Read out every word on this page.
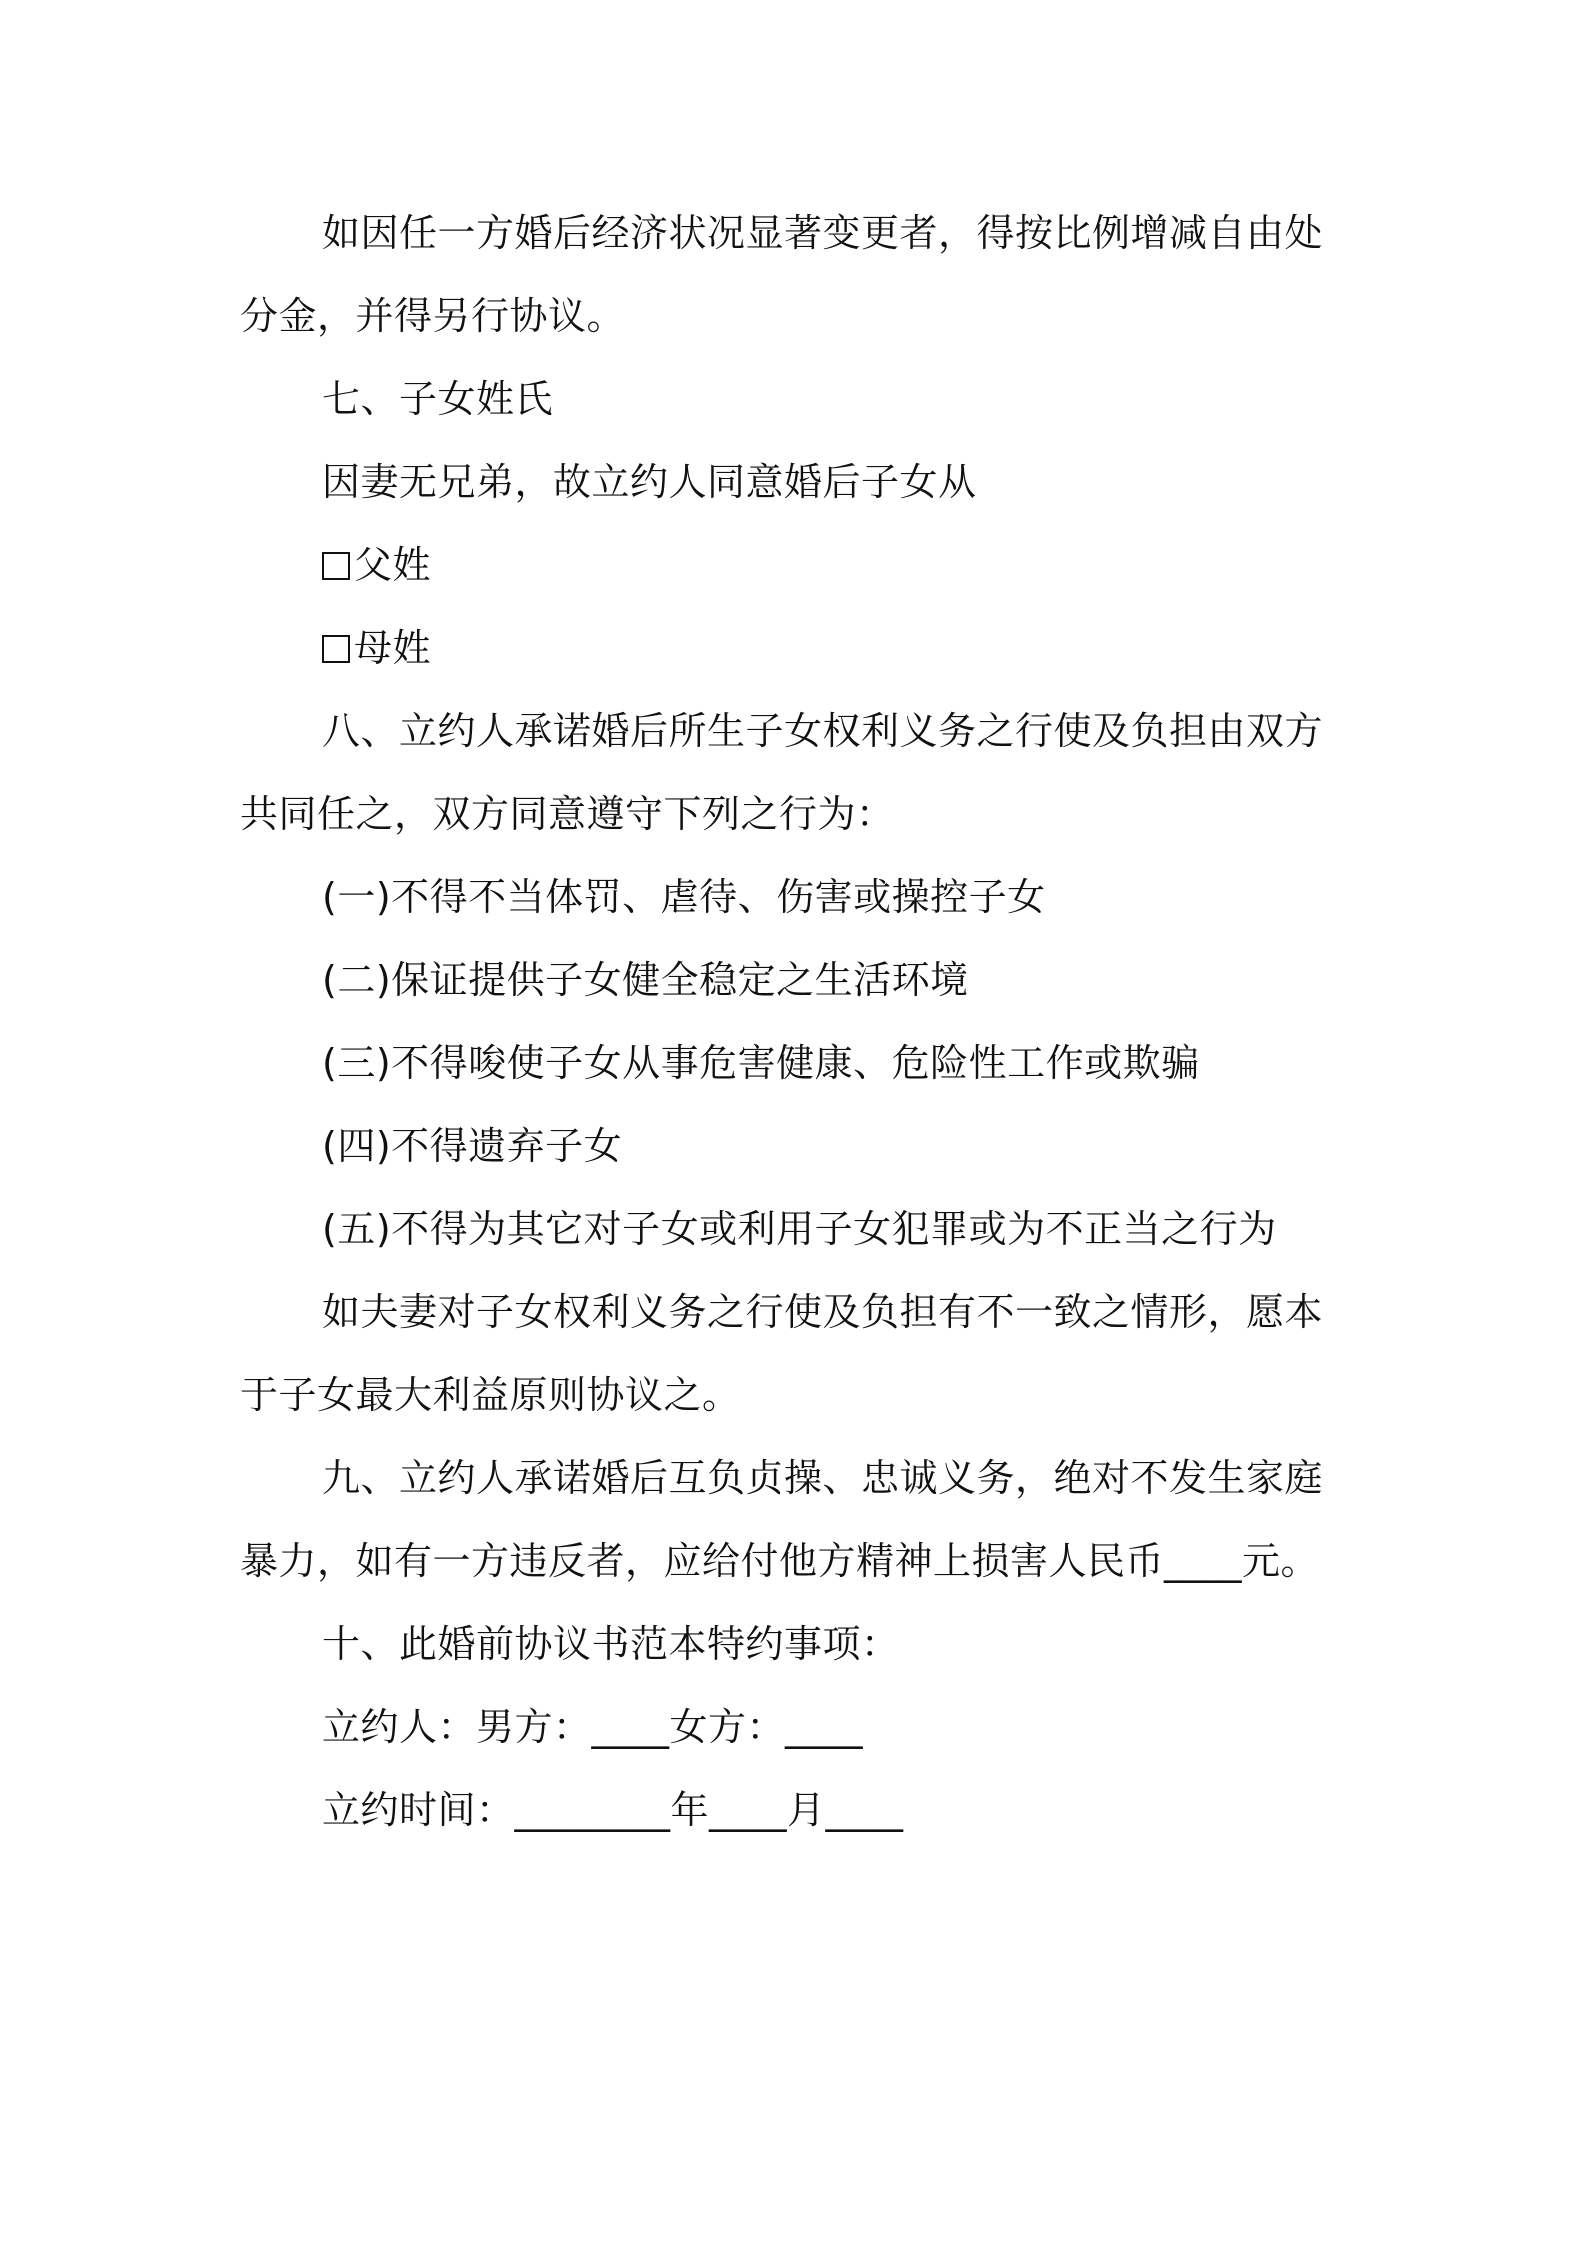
如因任一方婚后经济状况显著变更者，得按比例增减自由处分金，并得另行协议。

七、子女姓氏

因妻无兄弟，故立约人同意婚后子女从

父姓
母姓

八、立约人承诺婚后所生子女权利义务之行使及负担由双方共同任之，双方同意遵守下列之行为：

(一)不得不当体罚、虐待、伤害或操控子女

(二)保证提供子女健全稳定之生活环境

(三)不得唆使子女从事危害健康、危险性工作或欺骗

(四)不得遗弃子女

(五)不得为其它对子女或利用子女犯罪或为不正当之行为

如夫妻对子女权利义务之行使及负担有不一致之情形，愿本于子女最大利益原则协议之。

九、立约人承诺婚后互负贞操、忠诚义务，绝对不发生家庭暴力，如有一方违反者，应给付他方精神上损害人民币____元。

十、此婚前协议书范本特约事项：

立约人：男方：____女方：____

立约时间：________年____月____
